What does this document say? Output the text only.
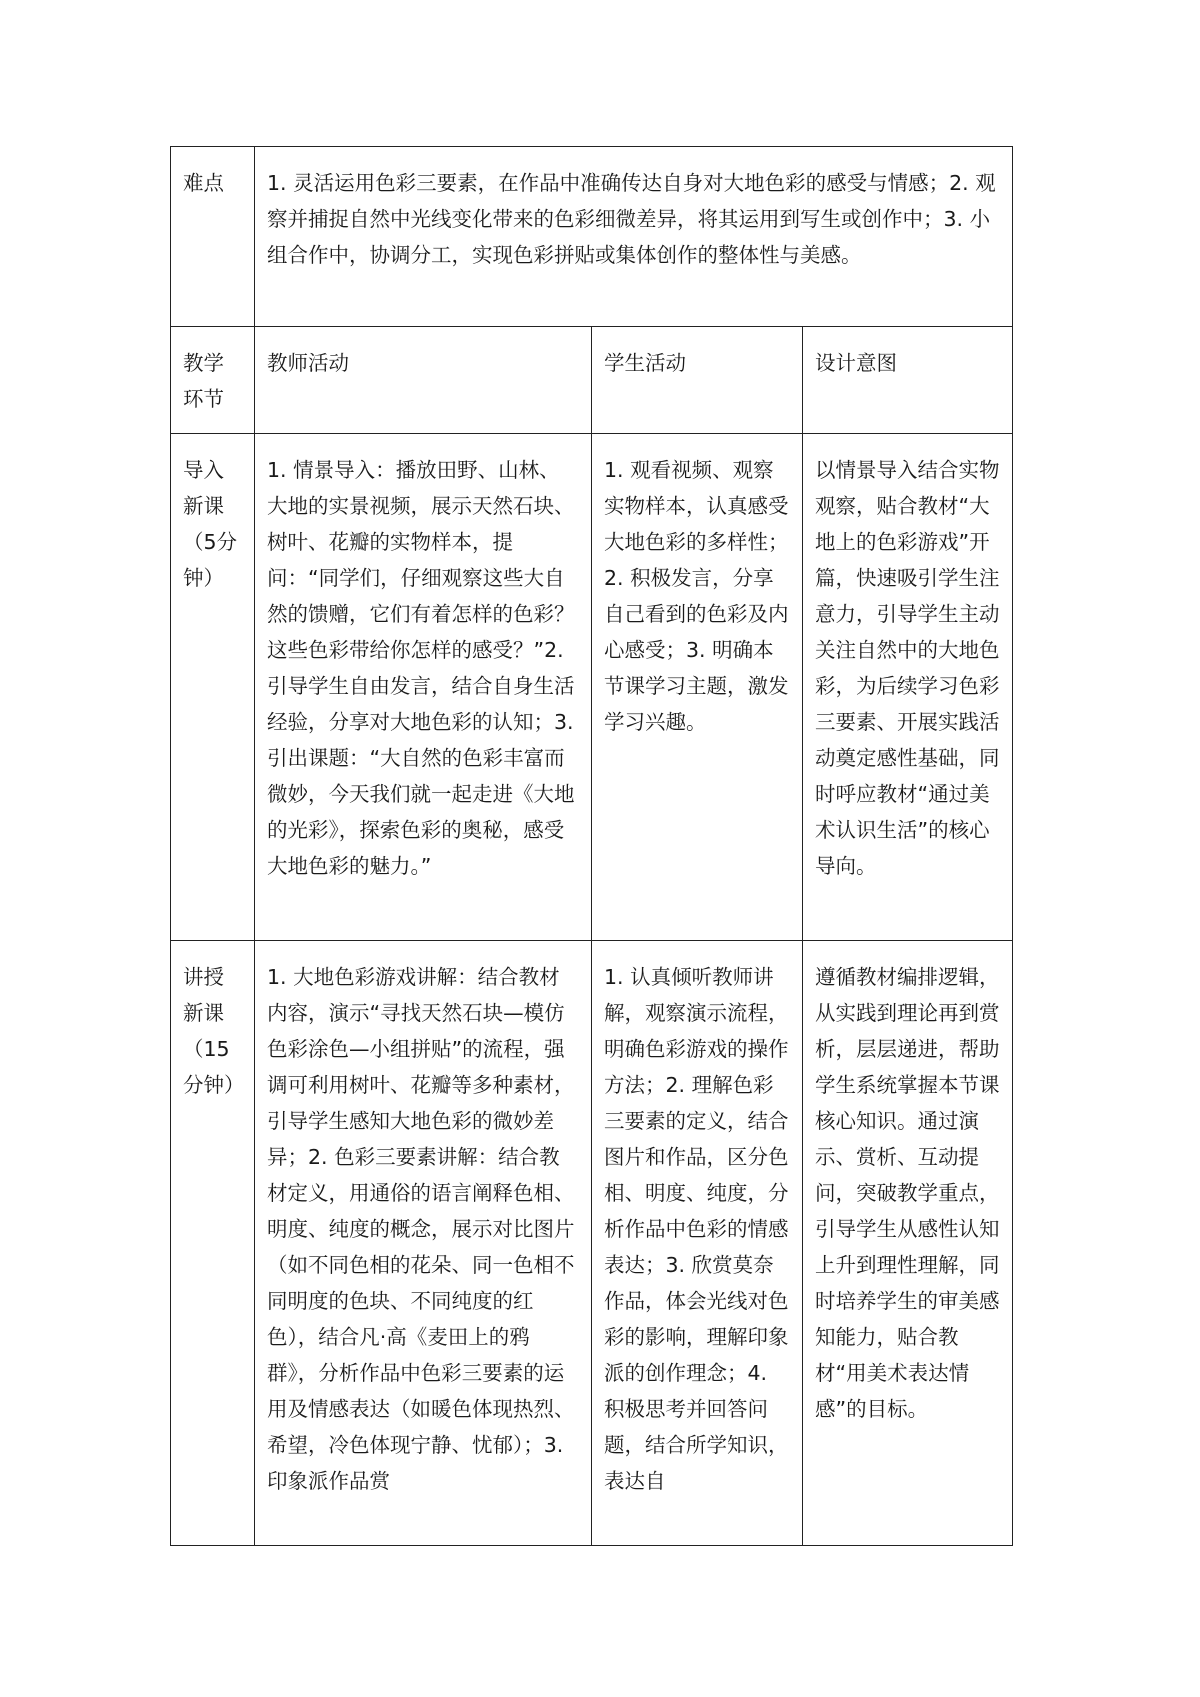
难点	1. 灵活运用色彩三要素，在作品中准确传达自身对大地色彩的感受与情感；2. 观察并捕捉自然中光线变化带来的色彩细微差异，将其运用到写生或创作中；3. 小组合作中，协调分工，实现色彩拼贴或集体创作的整体性与美感。		
教学环节	教师活动	学生活动	设计意图
导入新课（5分钟）	1. 情景导入：播放田野、山林、大地的实景视频，展示天然石块、树叶、花瓣的实物样本，提问：“同学们，仔细观察这些大自然的馈赠，它们有着怎样的色彩？这些色彩带给你怎样的感受？”2. 引导学生自由发言，结合自身生活经验，分享对大地色彩的认知；3. 引出课题：“大自然的色彩丰富而微妙，今天我们就一起走进《大地的光彩》，探索色彩的奥秘，感受大地色彩的魅力。”	1. 观看视频、观察实物样本，认真感受大地色彩的多样性；2. 积极发言，分享自己看到的色彩及内心感受；3. 明确本节课学习主题，激发学习兴趣。	以情景导入结合实物观察，贴合教材“大地上的色彩游戏”开篇，快速吸引学生注意力，引导学生主动关注自然中的大地色彩，为后续学习色彩三要素、开展实践活动奠定感性基础，同时呼应教材“通过美术认识生活”的核心导向。
讲授新课（15分钟）	1. 大地色彩游戏讲解：结合教材内容，演示“寻找天然石块—模仿色彩涂色—小组拼贴”的流程，强调可利用树叶、花瓣等多种素材，引导学生感知大地色彩的微妙差异；2. 色彩三要素讲解：结合教材定义，用通俗的语言阐释色相、明度、纯度的概念，展示对比图片（如不同色相的花朵、同一色相不同明度的色块、不同纯度的红色），结合凡·高《麦田上的鸦群》，分析作品中色彩三要素的运用及情感表达（如暖色体现热烈、希望，冷色体现宁静、忧郁）；3. 印象派作品赏	1. 认真倾听教师讲解，观察演示流程，明确色彩游戏的操作方法；2. 理解色彩三要素的定义，结合图片和作品，区分色相、明度、纯度，分析作品中色彩的情感表达；3. 欣赏莫奈作品，体会光线对色彩的影响，理解印象派的创作理念；4. 积极思考并回答问题，结合所学知识，表达自	遵循教材编排逻辑，从实践到理论再到赏析，层层递进，帮助学生系统掌握本节课核心知识。通过演示、赏析、互动提问，突破教学重点，引导学生从感性认知上升到理性理解，同时培养学生的审美感知能力，贴合教材“用美术表达情感”的目标。
